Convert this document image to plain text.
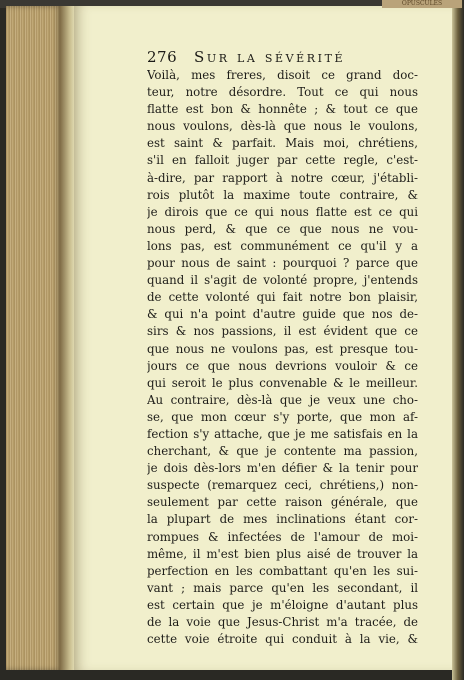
OPUSCULES
276 Sur la sévérité
Voilà, mes freres, disoit ce grand doc-
teur, notre désordre. Tout ce qui nous
flatte est bon & honnête ; & tout ce que
nous voulons, dès-là que nous le voulons,
est saint & parfait. Mais moi, chrétiens,
s'il en falloit juger par cette regle, c'est-
à-dire, par rapport à notre cœur, j'établi-
rois plutôt la maxime toute contraire, &
je dirois que ce qui nous flatte est ce qui
nous perd, & que ce que nous ne vou-
lons pas, est communément ce qu'il y a
pour nous de saint : pourquoi ? parce que
quand il s'agit de volonté propre, j'entends
de cette volonté qui fait notre bon plaisir,
& qui n'a point d'autre guide que nos de-
sirs & nos passions, il est évident que ce
que nous ne voulons pas, est presque tou-
jours ce que nous devrions vouloir & ce
qui seroit le plus convenable & le meilleur.
Au contraire, dès-là que je veux une cho-
se, que mon cœur s'y porte, que mon af-
fection s'y attache, que je me satisfais en la
cherchant, & que je contente ma passion,
je dois dès-lors m'en défier & la tenir pour
suspecte (remarquez ceci, chrétiens,) non-
seulement par cette raison générale, que
la plupart de mes inclinations étant cor-
rompues & infectées de l'amour de moi-
même, il m'est bien plus aisé de trouver la
perfection en les combattant qu'en les sui-
vant ; mais parce qu'en les secondant, il
est certain que je m'éloigne d'autant plus
de la voie que Jesus-Christ m'a tracée, de
cette voie étroite qui conduit à la vie, &
